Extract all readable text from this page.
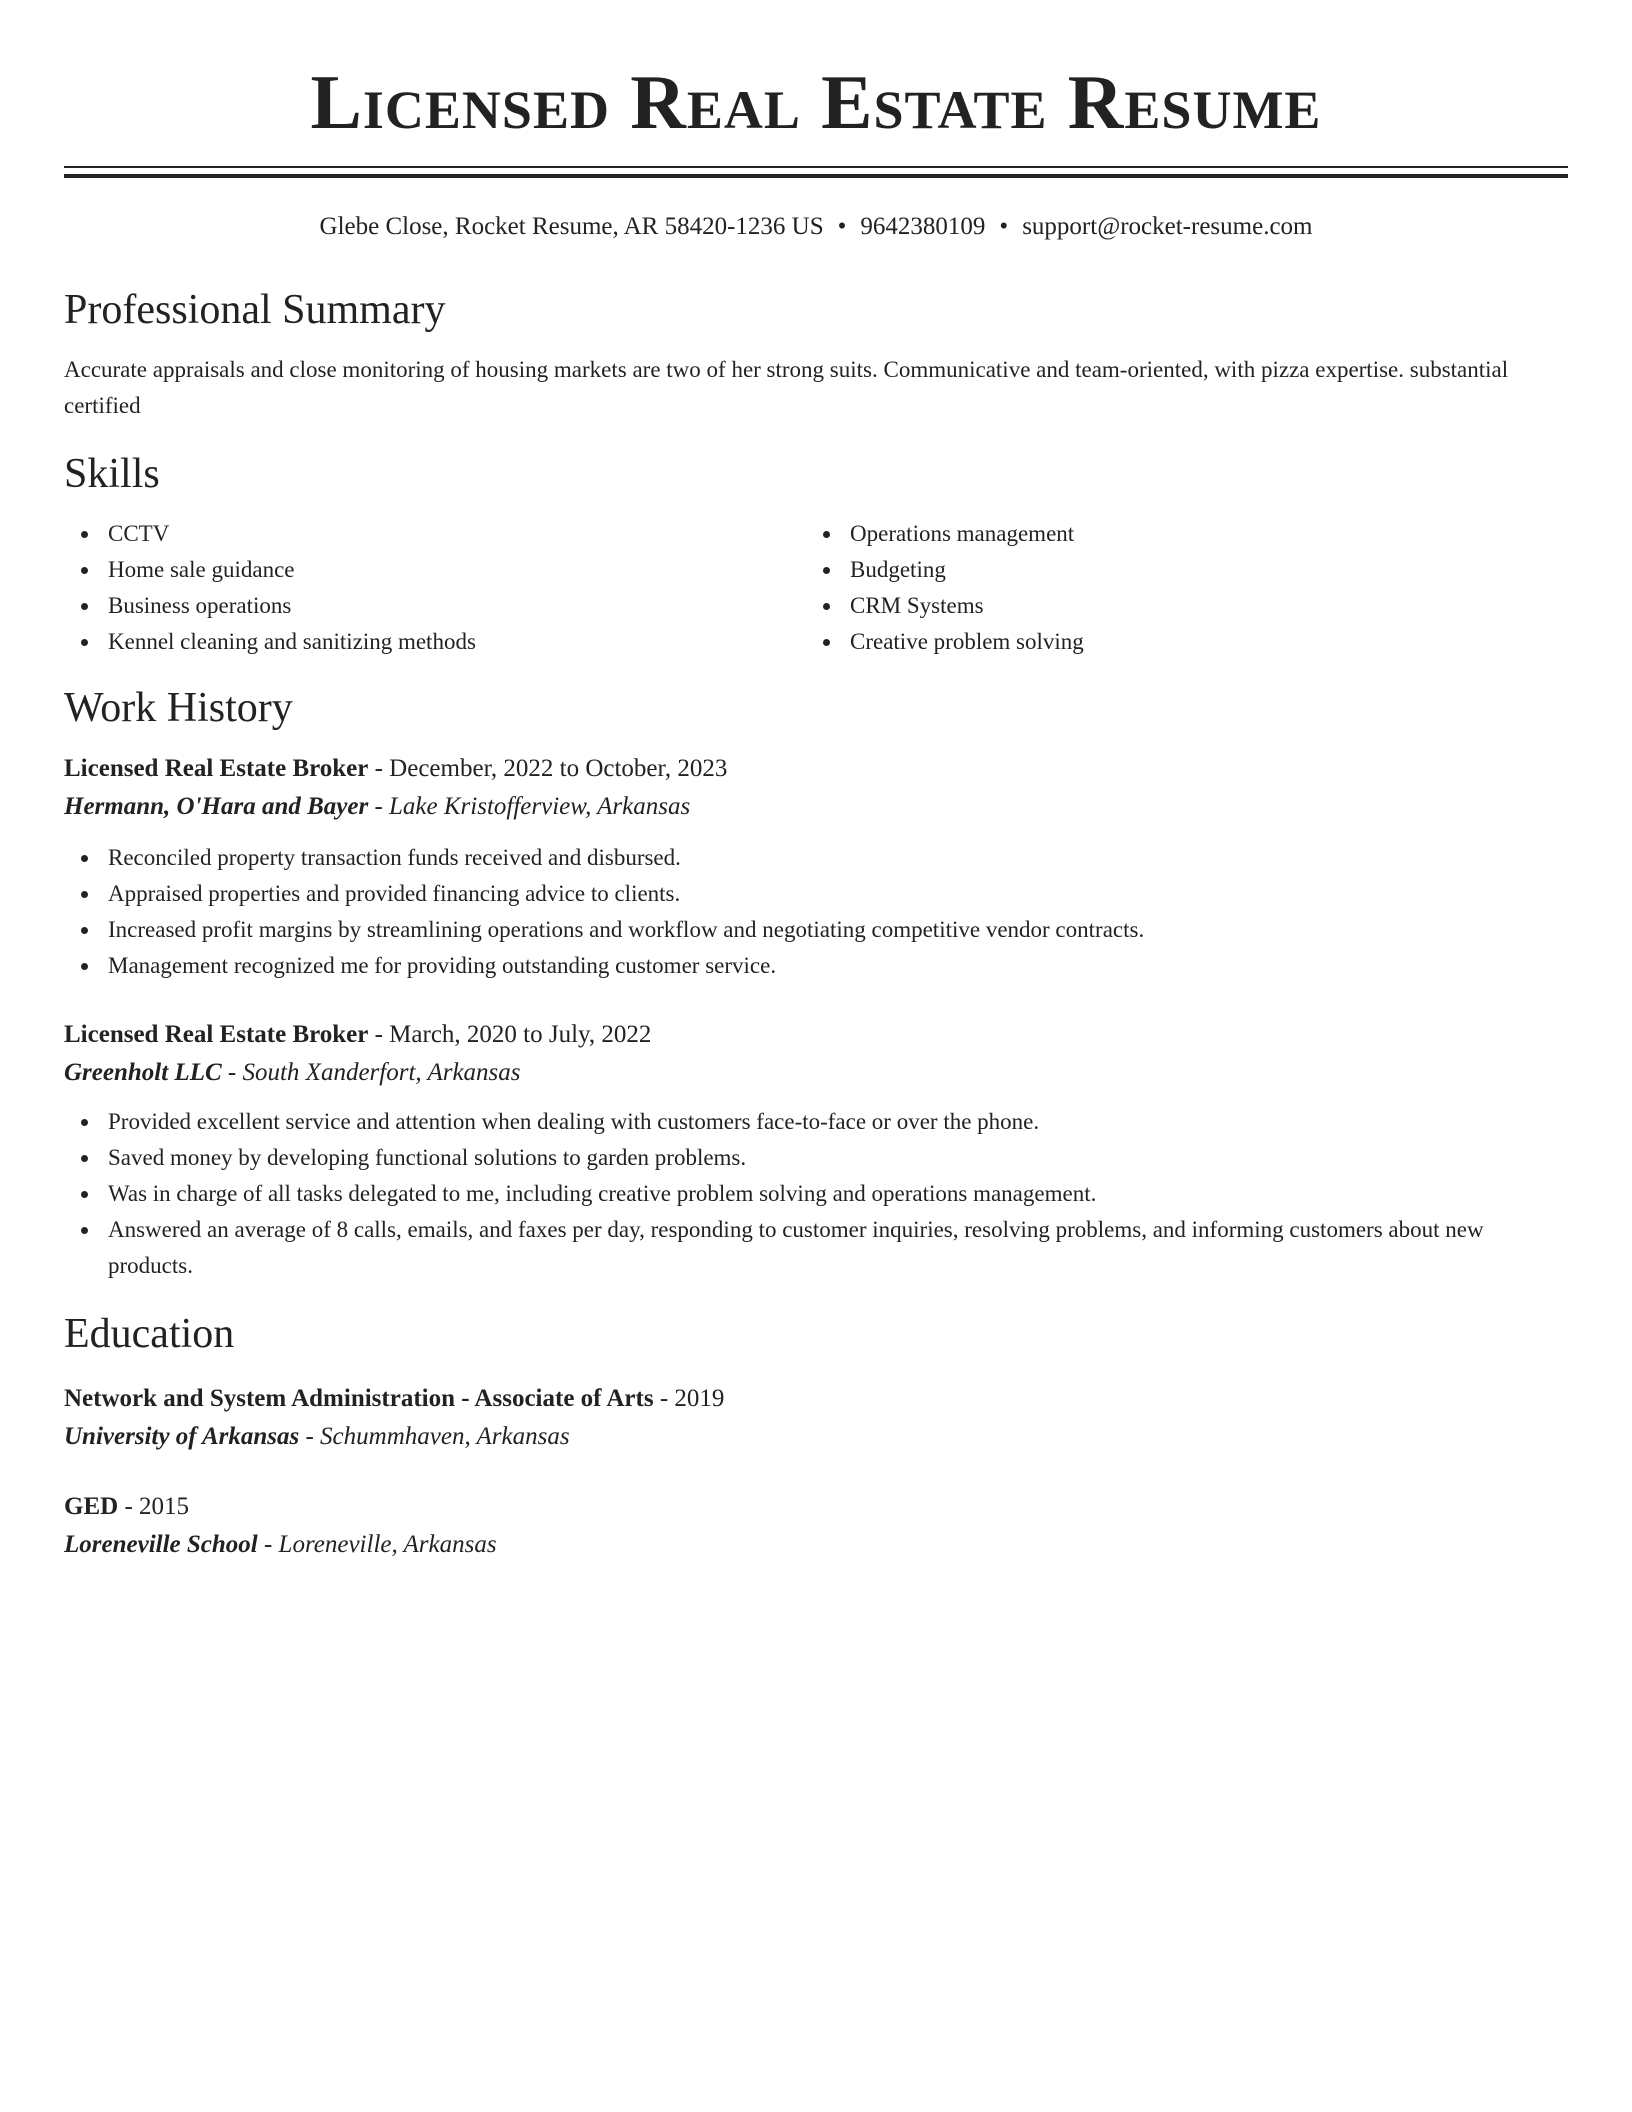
Licensed Real Estate Resume
Glebe Close, Rocket Resume, AR 58420-1236 US • 9642380109 • support@rocket-resume.com
Professional Summary
Accurate appraisals and close monitoring of housing markets are two of her strong suits. Communicative and team-oriented, with pizza expertise. substantial certified
Skills
CCTV
Home sale guidance
Business operations
Kennel cleaning and sanitizing methods
Operations management
Budgeting
CRM Systems
Creative problem solving
Work History
Licensed Real Estate Broker - December, 2022 to October, 2023
Hermann, O'Hara and Bayer - Lake Kristofferview, Arkansas
Reconciled property transaction funds received and disbursed.
Appraised properties and provided financing advice to clients.
Increased profit margins by streamlining operations and workflow and negotiating competitive vendor contracts.
Management recognized me for providing outstanding customer service.
Licensed Real Estate Broker - March, 2020 to July, 2022
Greenholt LLC - South Xanderfort, Arkansas
Provided excellent service and attention when dealing with customers face-to-face or over the phone.
Saved money by developing functional solutions to garden problems.
Was in charge of all tasks delegated to me, including creative problem solving and operations management.
Answered an average of 8 calls, emails, and faxes per day, responding to customer inquiries, resolving problems, and informing customers about new products.
Education
Network and System Administration - Associate of Arts - 2019
University of Arkansas - Schummhaven, Arkansas
GED - 2015
Loreneville School - Loreneville, Arkansas
